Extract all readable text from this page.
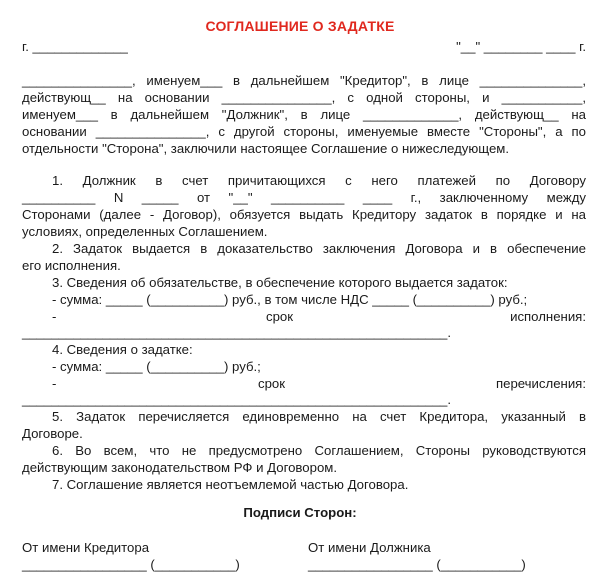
СОГЛАШЕНИЕ О ЗАДАТКЕ
г. _____________	"__" ________ ____ г.
_______________, именуем___ в дальнейшем "Кредитор", в лице ______________,
действующ__ на основании _______________, с одной стороны, и ___________,
именуем___ в дальнейшем "Должник", в лице _____________, действующ__ на
основании _______________, с другой стороны, именуемые вместе "Стороны", а по
отдельности "Сторона", заключили настоящее Соглашение о нижеследующем.
1. Должник в счет причитающихся с него платежей по Договору
__________ N _____ от "__" __________ ____ г., заключенному между
Сторонами (далее - Договор), обязуется выдать Кредитору задаток в порядке и на
условиях, определенных Соглашением.
2. Задаток выдается в доказательство заключения Договора и в обеспечение
его исполнения.
3. Сведения об обязательстве, в обеспечение которого выдается задаток:
- сумма: _____ (__________) руб., в том числе НДС _____ (__________) руб.;
-	срок	исполнения:
__________________________________________________________.
4. Сведения о задатке:
- сумма: _____ (__________) руб.;
-	срок	перечисления:
__________________________________________________________.
5. Задаток перечисляется единовременно на счет Кредитора, указанный в
Договоре.
6. Во всем, что не предусмотрено Соглашением, Стороны руководствуются
действующим законодательством РФ и Договором.
7. Соглашение является неотъемлемой частью Договора.
Подписи Сторон:
От имени Кредитора	От имени Должника
_________________ (___________)	_________________ (___________)
